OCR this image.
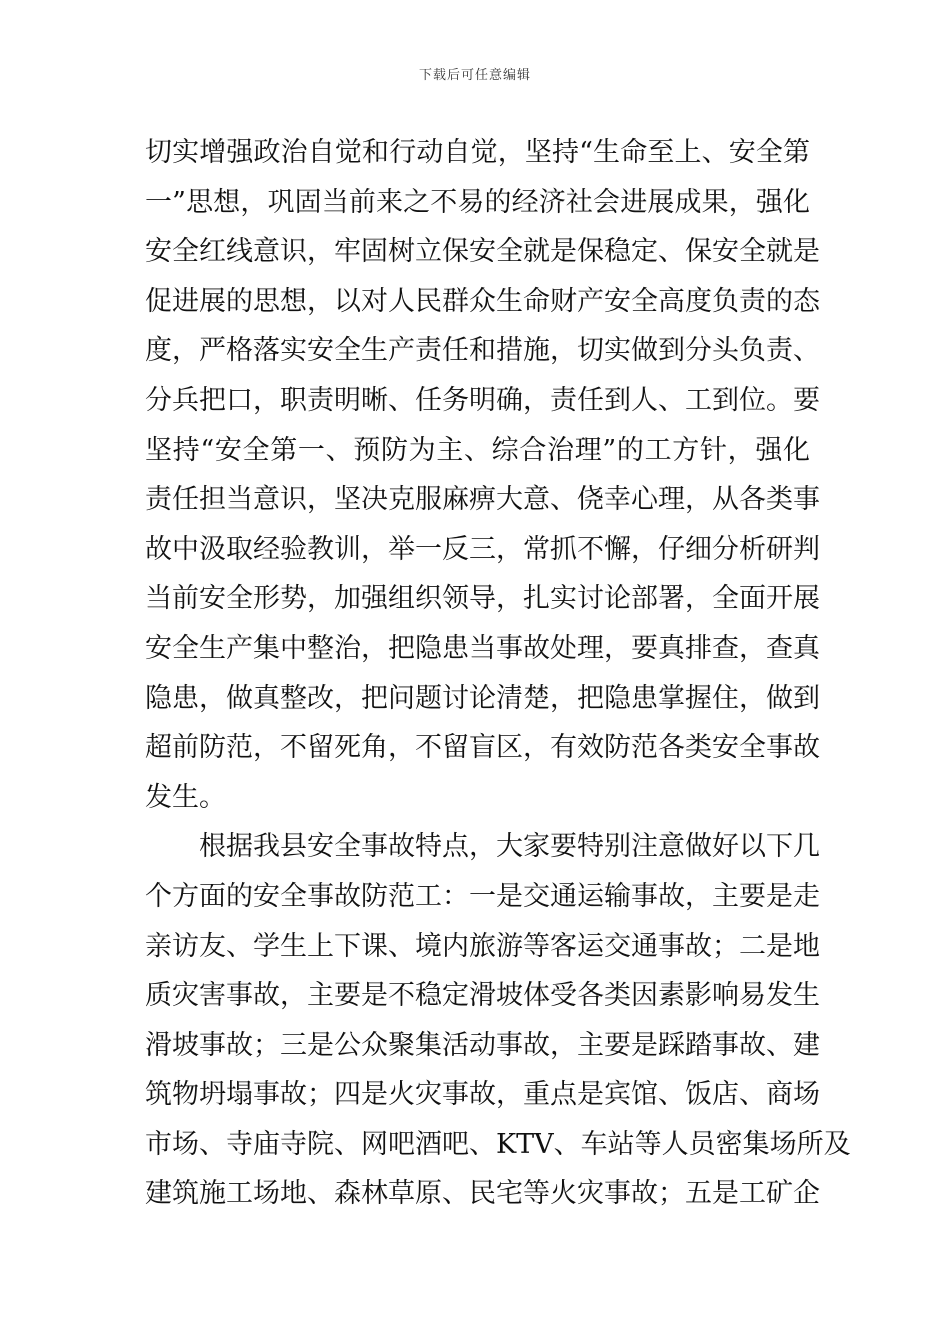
下载后可任意编辑
切实增强政治自觉和行动自觉，坚持“生命至上、安全第
一”思想，巩固当前来之不易的经济社会进展成果，强化
安全红线意识，牢固树立保安全就是保稳定、保安全就是
促进展的思想，以对人民群众生命财产安全高度负责的态
度，严格落实安全生产责任和措施，切实做到分头负责、
分兵把口，职责明晰、任务明确，责任到人、工到位。要
坚持“安全第一、预防为主、综合治理”的工方针，强化
责任担当意识，坚决克服麻痹大意、侥幸心理，从各类事
故中汲取经验教训，举一反三，常抓不懈，仔细分析研判
当前安全形势，加强组织领导，扎实讨论部署，全面开展
安全生产集中整治，把隐患当事故处理，要真排查，查真
隐患，做真整改，把问题讨论清楚，把隐患掌握住，做到
超前防范，不留死角，不留盲区，有效防范各类安全事故
发生。
根据我县安全事故特点，大家要特别注意做好以下几
个方面的安全事故防范工：一是交通运输事故，主要是走
亲访友、学生上下课、境内旅游等客运交通事故；二是地
质灾害事故，主要是不稳定滑坡体受各类因素影响易发生
滑坡事故；三是公众聚集活动事故，主要是踩踏事故、建
筑物坍塌事故；四是火灾事故，重点是宾馆、饭店、商场
市场、寺庙寺院、网吧酒吧、KTV、车站等人员密集场所及
建筑施工场地、森林草原、民宅等火灾事故；五是工矿企
